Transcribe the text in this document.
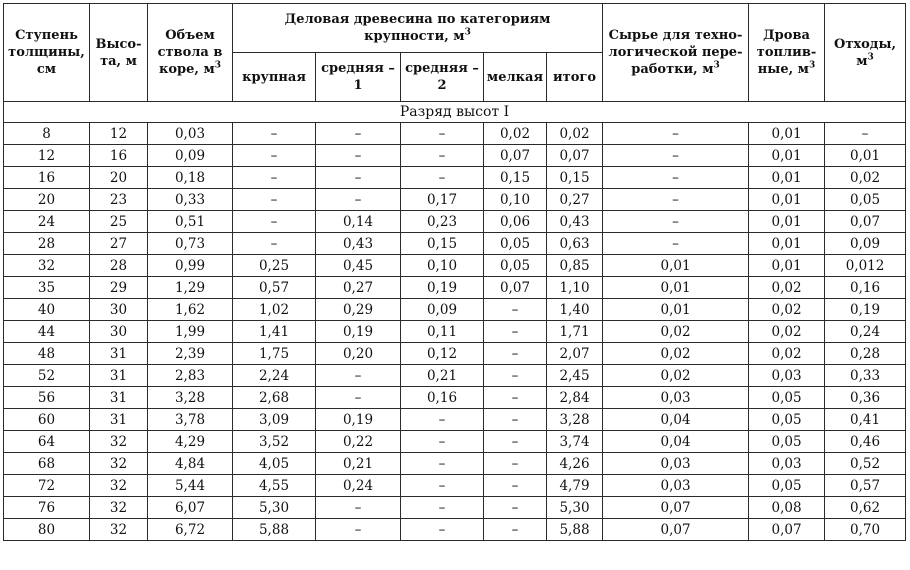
Ступень
толщины,
см	Высо-
та, м	Объем
ствола в
коре, $м^3$	Деловая древесина по категориям
крупности, $м^3$					Сырье для техно-
логической пере-
работки, $м^3$	Дрова
топлив-
ные, $м^3$	Отходы,
$м^3$
			крупная	средняя –
1	средняя –
2	мелкая	итого			
Разряд высот I										
8	12	0,03	–	–	–	0,02	0,02	–	0,01	–
12	16	0,09	–	–	–	0,07	0,07	–	0,01	0,01
16	20	0,18	–	–	–	0,15	0,15	–	0,01	0,02
20	23	0,33	–	–	0,17	0,10	0,27	–	0,01	0,05
24	25	0,51	–	0,14	0,23	0,06	0,43	–	0,01	0,07
28	27	0,73	–	0,43	0,15	0,05	0,63	–	0,01	0,09
32	28	0,99	0,25	0,45	0,10	0,05	0,85	0,01	0,01	0,012
35	29	1,29	0,57	0,27	0,19	0,07	1,10	0,01	0,02	0,16
40	30	1,62	1,02	0,29	0,09	–	1,40	0,01	0,02	0,19
44	30	1,99	1,41	0,19	0,11	–	1,71	0,02	0,02	0,24
48	31	2,39	1,75	0,20	0,12	–	2,07	0,02	0,02	0,28
52	31	2,83	2,24	–	0,21	–	2,45	0,02	0,03	0,33
56	31	3,28	2,68	–	0,16	–	2,84	0,03	0,05	0,36
60	31	3,78	3,09	0,19	–	–	3,28	0,04	0,05	0,41
64	32	4,29	3,52	0,22	–	–	3,74	0,04	0,05	0,46
68	32	4,84	4,05	0,21	–	–	4,26	0,03	0,03	0,52
72	32	5,44	4,55	0,24	–	–	4,79	0,03	0,05	0,57
76	32	6,07	5,30	–	–	–	5,30	0,07	0,08	0,62
80	32	6,72	5,88	–	–	–	5,88	0,07	0,07	0,70
